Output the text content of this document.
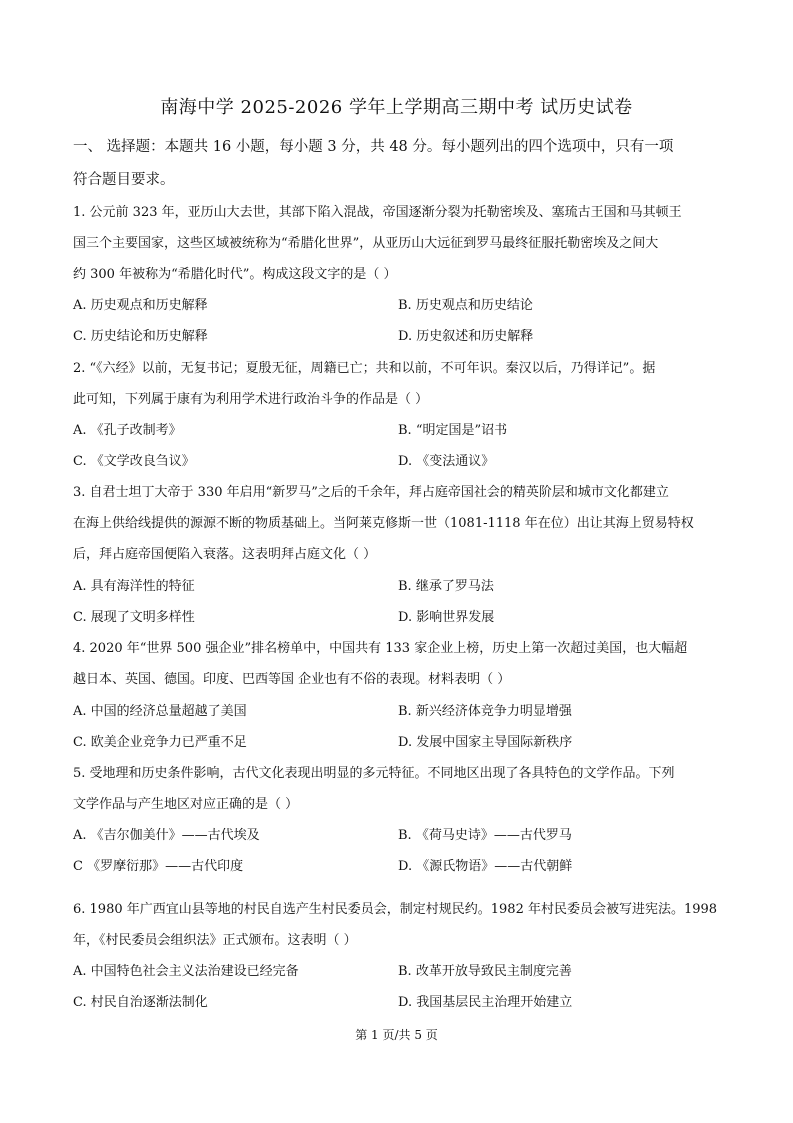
南海中学 2025-2026 学年上学期高三期中考 试历史试卷
一、 选择题：本题共 16 小题，每小题 3 分，共 48 分。每小题列出的四个选项中，只有一项
符合题目要求。
1. 公元前 323 年，亚历山大去世，其部下陷入混战，帝国逐渐分裂为托勒密埃及、塞琉古王国和马其顿王
国三个主要国家，这些区域被统称为“希腊化世界”，从亚历山大远征到罗马最终征服托勒密埃及之间大
约 300 年被称为“希腊化时代”。构成这段文字的是（ ）
A. 历史观点和历史解释	B. 历史观点和历史结论
C. 历史结论和历史解释	D. 历史叙述和历史解释
2. “《六经》以前，无复书记；夏殷无征，周籍已亡；共和以前，不可年识。秦汉以后，乃得详记”。据
此可知，下列属于康有为利用学术进行政治斗争的作品是（ ）
A. 《孔子改制考》	B. “明定国是”诏书
C. 《文学改良刍议》	D. 《变法通议》
3. 自君士坦丁大帝于 330 年启用“新罗马”之后的千余年，拜占庭帝国社会的精英阶层和城市文化都建立
在海上供给线提供的源源不断的物质基础上。当阿莱克修斯一世（1081-1118 年在位）出让其海上贸易特权
后，拜占庭帝国便陷入衰落。这表明拜占庭文化（ ）
A. 具有海洋性的特征	B. 继承了罗马法
C. 展现了文明多样性	D. 影响世界发展
4. 2020 年“世界 500 强企业”排名榜单中，中国共有 133 家企业上榜，历史上第一次超过美国，也大幅超
越日本、英国、德国。印度、巴西等国 企业也有不俗的表现。材料表明（ ）
A. 中国的经济总量超越了美国	B. 新兴经济体竞争力明显增强
C. 欧美企业竞争力已严重不足	D. 发展中国家主导国际新秩序
5. 受地理和历史条件影响，古代文化表现出明显的多元特征。不同地区出现了各具特色的文学作品。下列
文学作品与产生地区对应正确的是（ ）
A. 《吉尔伽美什》——古代埃及	B. 《荷马史诗》——古代罗马
C 《罗摩衍那》——古代印度	D. 《源氏物语》——古代朝鲜
6. 1980 年广西宜山县等地的村民自选产生村民委员会，制定村规民约。1982 年村民委员会被写进宪法。1998
年，《村民委员会组织法》正式颁布。这表明（ ）
A. 中国特色社会主义法治建设已经完备	B. 改革开放导致民主制度完善
C. 村民自治逐渐法制化	D. 我国基层民主治理开始建立
第 1 页/共 5 页
